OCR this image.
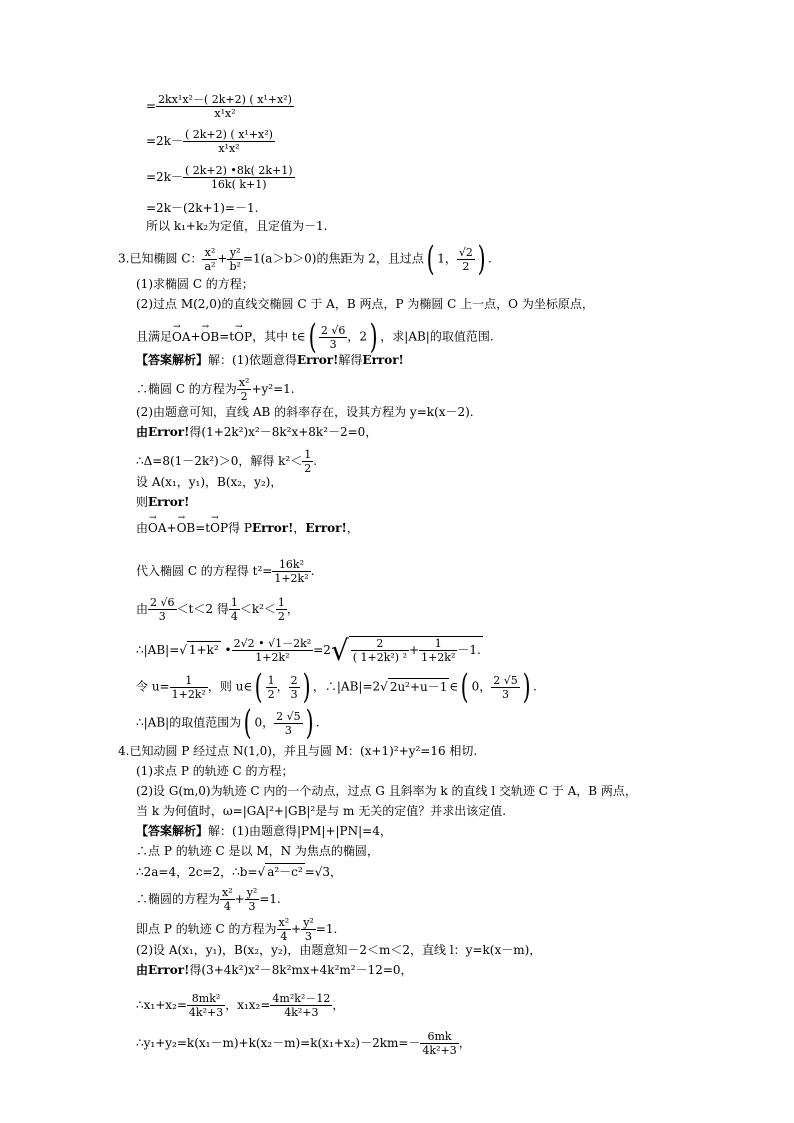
= $\frac{\text{2kx¹x²－( 2k+2) ( x¹+x²)}}{\text{x¹x²}}$
$=2k- \frac{\text{( 2k+2) ( x¹+x²)}}{\text{x¹x²}}$
$=2k- \frac{( 2k+2) •8k( 2k+1)}{16k( k+1)}$
=2k－(2k+1)=－1.
所以 k₁+k₂为定值，且定值为－1.
3.已知椭圆 C： $\frac{\text{x²}}{\text{a²}} + \frac{\text{y²}}{\text{b²}} =1(a>b>0)$的焦距为 2，且过点( 1， $\frac{√2}{2}$ ) .
(1)求椭圆 C 的方程；
(2)过点 M(2,0)的直线交椭圆 C 于 A，B 两点，P 为椭圆 C 上一点，O 为坐标原点，
且满足→ OA+→ OB=t→ OP，其中 t∈( $\frac{2 √6}{3}$ ，2) ，求|AB|的取值范围.
【答案解析】解：(1)依题意得Error!解得Error!
∴椭圆 C 的方程为 $\frac{\text{x²}}{2} +y^2=1$.
(2)由题意可知，直线 AB 的斜率存在，设其方程为 y=k(x－2).
由Error!得(1+2k²)x²－8k²x+8k²－2=0，
∴Δ=8(1－2k²)＞0，解得 $k^2< \frac{1}{2}$ .
设 A(x₁，y₁)，B(x₂，y₂)，
则Error!
由→ OA+→ OB=t→ OP得 PError!，Error!，
代入椭圆 C 的方程得 $t^2= \frac{\text{16k²}}{\text{1+2k²}}$ .
由 $\frac{2 √6}{3} <t<2$ 得 $\frac{1}{4} <k^2< \frac{1}{2}$ ，
∴|AB|=√ 1+k² • $\frac{\text{2√2 • √1－2k²}}{\text{1+2k²}} =2√ \frac{2}{\text{( 1+2k²) ²}} + \frac{1}{\text{1+2k²}} -1$.
令 $u= \frac{1}{\text{1+2k²}}$ ，则 u∈( $\frac{1}{2}$ ， $\frac{2}{3}$ ) ，∴|AB|=2√ 2u²+u－1 ∈( 0， $\frac{2 √5}{3}$ ) .
∴|AB|的取值范围为( 0， $\frac{2 √5}{3}$ ) .
4.已知动圆 P 经过点 N(1,0)，并且与圆 M：(x+1)²+y²=16 相切.
(1)求点 P 的轨迹 C 的方程；
(2)设 G(m,0)为轨迹 C 内的一个动点，过点 G 且斜率为 k 的直线 l 交轨迹 C 于 A，B 两点，
当 k 为何值时，ω=|GA|²+|GB|²是与 m 无关的定值？并求出该定值.
【答案解析】解：(1)由题意得|PM|+|PN|=4，
∴点 P 的轨迹 C 是以 M，N 为焦点的椭圆，
∴2a=4，2c=2，∴b=√ a²－c² =√3，
∴椭圆的方程为 $\frac{\text{x²}}{4} + \frac{\text{y²}}{3} =1$.
即点 P 的轨迹 C 的方程为 $\frac{\text{x²}}{4} + \frac{\text{y²}}{3} =1$.
(2)设 A(x₁，y₁)，B(x₂，y₂)，由题意知－2＜m＜2，直线 l：y=k(x－m)，
由Error!得(3+4k²)x²－8k²mx+4k²m²－12=0，
∴x₁+x₂= $\frac{\text{8mk²}}{\text{4k²+3}}$ ，$x_1x_2= \frac{\text{4m²k²－12}}{\text{4k²+3}}$ ，
∴y₁+y₂=k(x₁－m)+k(x₂－m)=k(x₁+x₂)－2km=－ $\frac{6mk}{\text{4k²+3}}$ ，
